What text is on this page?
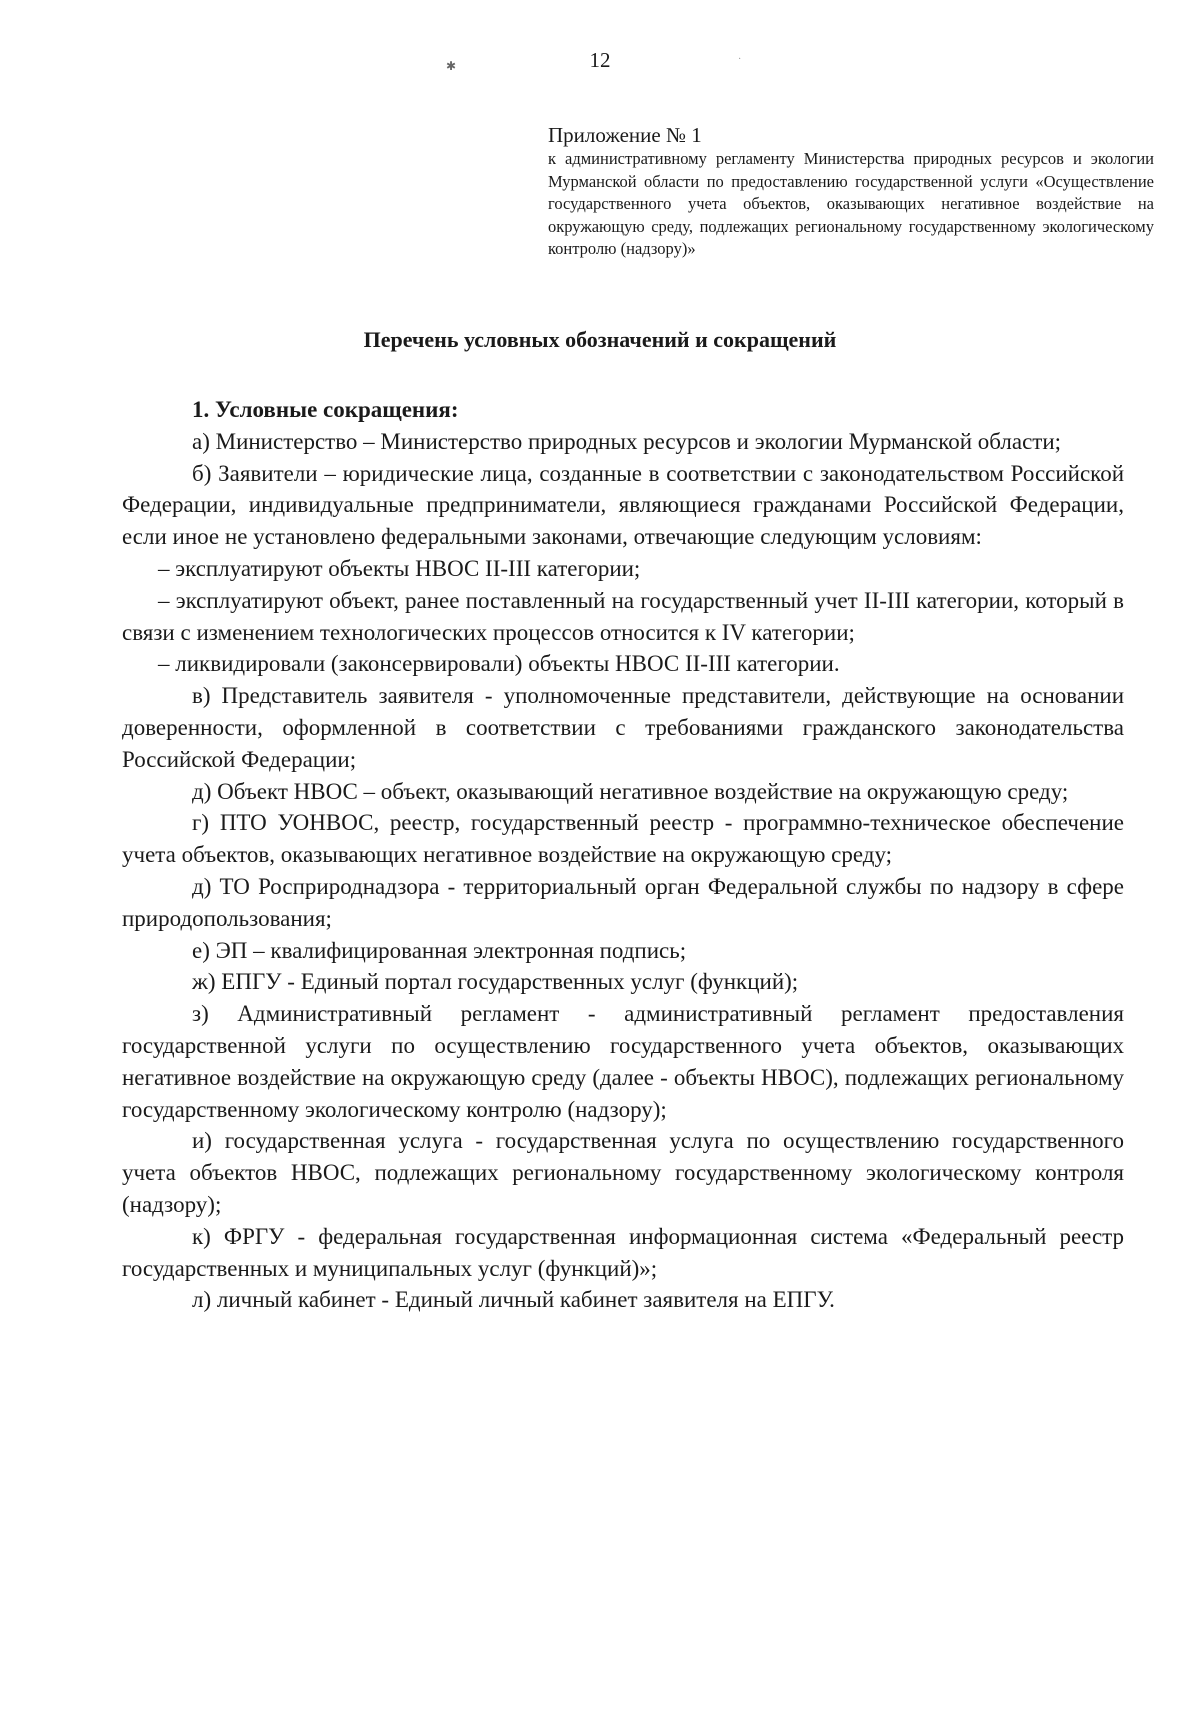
✱	12	·

Приложение № 1

к административному регламенту Министерства природных ресурсов и экологии Мурманской области по предоставлению государственной услуги «Осуществление государственного учета объектов, оказывающих негативное воздействие на окружающую среду, подлежащих региональному государственному экологическому контролю (надзору)»

Перечень условных обозначений и сокращений

1. Условные сокращения:

а) Министерство – Министерство природных ресурсов и экологии Мурманской области;

б) Заявители – юридические лица, созданные в соответствии с законодательством Российской Федерации, индивидуальные предприниматели, являющиеся гражданами Российской Федерации, если иное не установлено федеральными законами, отвечающие следующим условиям:

– эксплуатируют объекты НВОС II-III категории;

– эксплуатируют объект, ранее поставленный на государственный учет II-III категории, который в связи с изменением технологических процессов относится к IV категории;

– ликвидировали (законсервировали) объекты НВОС II-III категории.

в) Представитель заявителя - уполномоченные представители, действующие на основании доверенности, оформленной в соответствии с требованиями гражданского законодательства Российской Федерации;

д) Объект НВОС – объект, оказывающий негативное воздействие на окружающую среду;

г) ПТО УОНВОС, реестр, государственный реестр - программно-техническое обеспечение учета объектов, оказывающих негативное воздействие на окружающую среду;

д) ТО Росприроднадзора - территориальный орган Федеральной службы по надзору в сфере природопользования;

е) ЭП – квалифицированная электронная подпись;

ж) ЕПГУ - Единый портал государственных услуг (функций);

з) Административный регламент - административный регламент предоставления государственной услуги по осуществлению государственного учета объектов, оказывающих негативное воздействие на окружающую среду (далее - объекты НВОС), подлежащих региональному государственному экологическому контролю (надзору);

и) государственная услуга - государственная услуга по осуществлению государственного учета объектов НВОС, подлежащих региональному государственному экологическому контроля (надзору);

к) ФРГУ - федеральная государственная информационная система «Федеральный реестр государственных и муниципальных услуг (функций)»;

л) личный кабинет - Единый личный кабинет заявителя на ЕПГУ.
